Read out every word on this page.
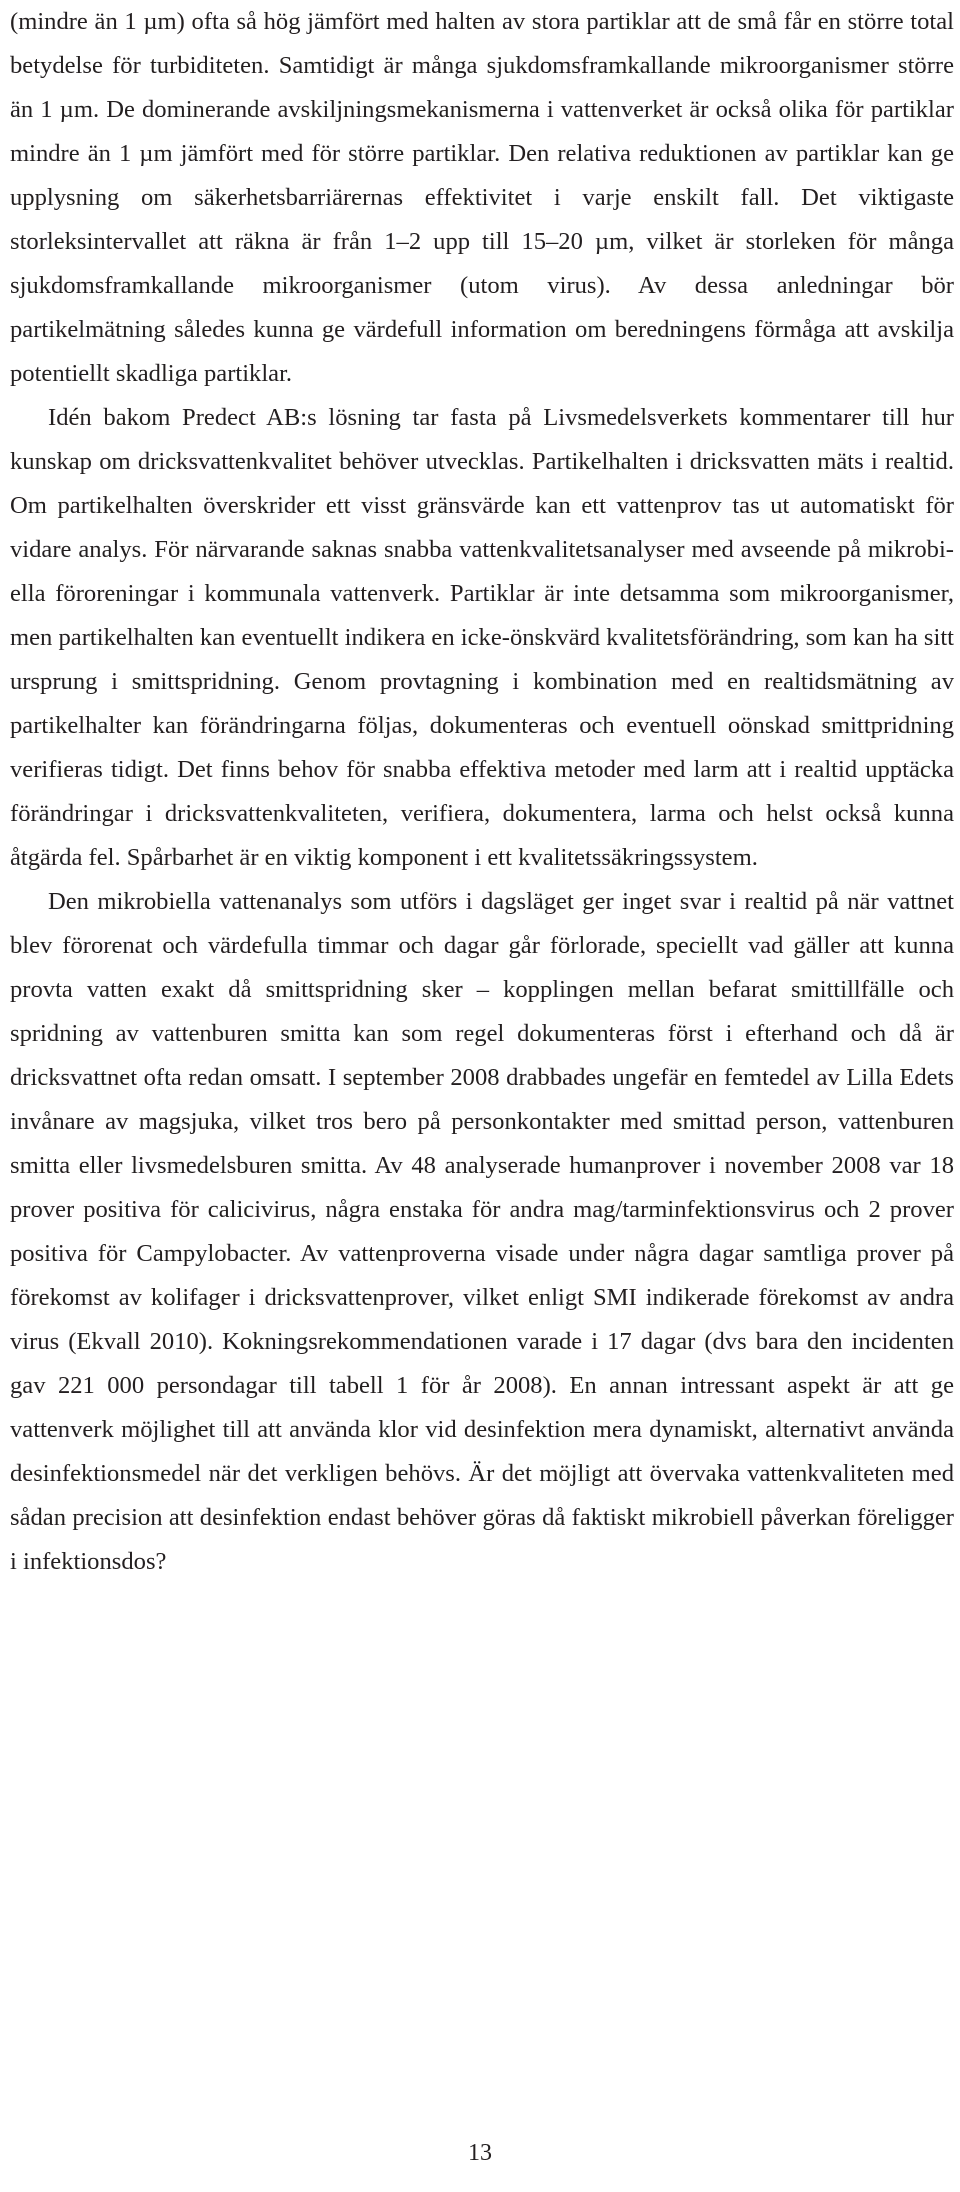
(mindre än 1 µm) ofta så hög jämfört med halten av stora partiklar att de små får en större total betydelse för turbiditeten. Samtidigt är många sjukdomsframkallande mikroorganismer större än 1 µm. De dominerande avskiljningsmekanismerna i vattenverket är också olika för partiklar mindre än 1 µm jämfört med för större partiklar. Den relativa reduktionen av partiklar kan ge upplysning om säkerhetsbarriärernas effektivitet i varje enskilt fall. Det viktigaste storleksintervallet att räkna är från 1–2 upp till 15–20 µm, vilket är storleken för många sjukdomsframkallande mikroorganismer (utom virus). Av dessa anledningar bör partikelmätning således kunna ge värdefull information om beredningens förmåga att avskilja potentiellt skadliga partiklar.

Idén bakom Predect AB:s lösning tar fasta på Livsmedelsverkets kommentarer till hur kunskap om dricksvattenkvalitet behöver utvecklas. Partikelhalten i dricksvatten mäts i realtid. Om partikelhalten överskrider ett visst gränsvärde kan ett vattenprov tas ut automatiskt för vidare analys. För närvarande saknas snabba vattenkvalitetsanalyser med avseende på mikrobiella föroreningar i kommunala vattenverk. Partiklar är inte detsamma som mikroorganismer, men partikelhalten kan eventuellt indikera en icke-önskvärd kvalitetsförändring, som kan ha sitt ursprung i smittspridning. Genom provtagning i kombination med en realtidsmätning av partikelhalter kan förändringarna följas, dokumenteras och eventuell oönskad smittpridning verifieras tidigt. Det finns behov för snabba effektiva metoder med larm att i realtid upptäcka förändringar i dricksvattenkvaliteten, verifiera, dokumentera, larma och helst också kunna åtgärda fel. Spårbarhet är en viktig komponent i ett kvalitetssäkringssystem.

Den mikrobiella vattenanalys som utförs i dagsläget ger inget svar i realtid på när vattnet blev förorenat och värdefulla timmar och dagar går förlorade, speciellt vad gäller att kunna provta vatten exakt då smittspridning sker – kopplingen mellan befarat smittillfälle och spridning av vattenburen smitta kan som regel dokumenteras först i efterhand och då är dricksvattnet ofta redan omsatt. I september 2008 drabbades ungefär en femtedel av Lilla Edets invånare av magsjuka, vilket tros bero på personkontakter med smittad person, vattenburen smitta eller livsmedelsburen smitta. Av 48 analyserade humanprover i november 2008 var 18 prover positiva för calicivirus, några enstaka för andra mag/tarminfektionsvirus och 2 prover positiva för Campylobacter. Av vattenproverna visade under några dagar samtliga prover på förekomst av kolifager i dricksvattenprover, vilket enligt SMI indikerade förekomst av andra virus (Ekvall 2010). Kokningsrekommendationen varade i 17 dagar (dvs bara den incidenten gav 221 000 persondagar till tabell 1 för år 2008). En annan intressant aspekt är att ge vattenverk möjlighet till att använda klor vid desinfektion mera dynamiskt, alternativt använda desinfektionsmedel när det verkligen behövs. Är det möjligt att övervaka vattenkvaliteten med sådan precision att desinfektion endast behöver göras då faktiskt mikrobiell påverkan föreligger i infektionsdos?

13
